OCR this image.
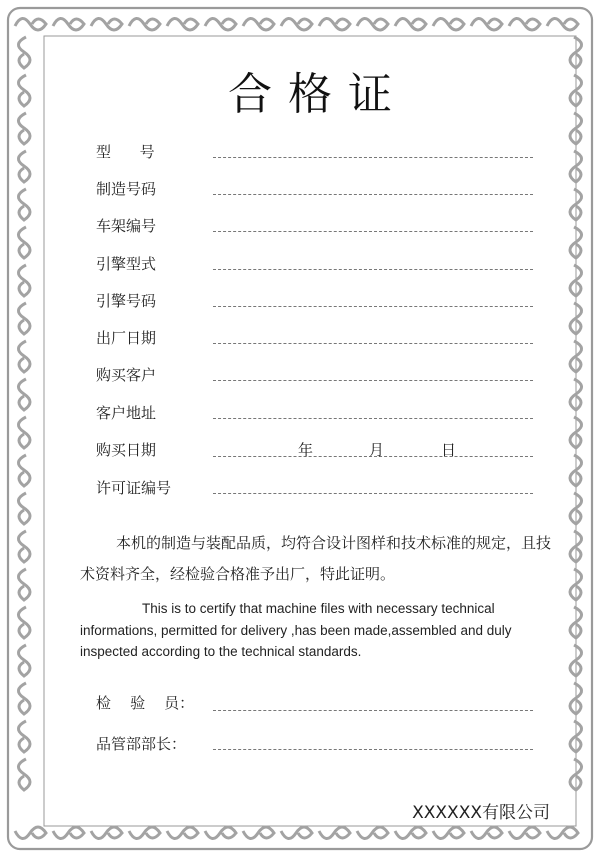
合格证
型      号
制造号码
车架编号
引擎型式
引擎号码
出厂日期
购买客户
客户地址
购买日期	年	月	日
许可证编号
本机的制造与装配品质，均符合设计图样和技术标准的规定，且技术资料齐全，经检验合格准予出厂，特此证明。
This is to certify that machine files with necessary technical informations, permitted for delivery ,has been made,assembled and duly inspected according to the technical standards.
检    验    员：
品管部部长：
XXXXXX有限公司
